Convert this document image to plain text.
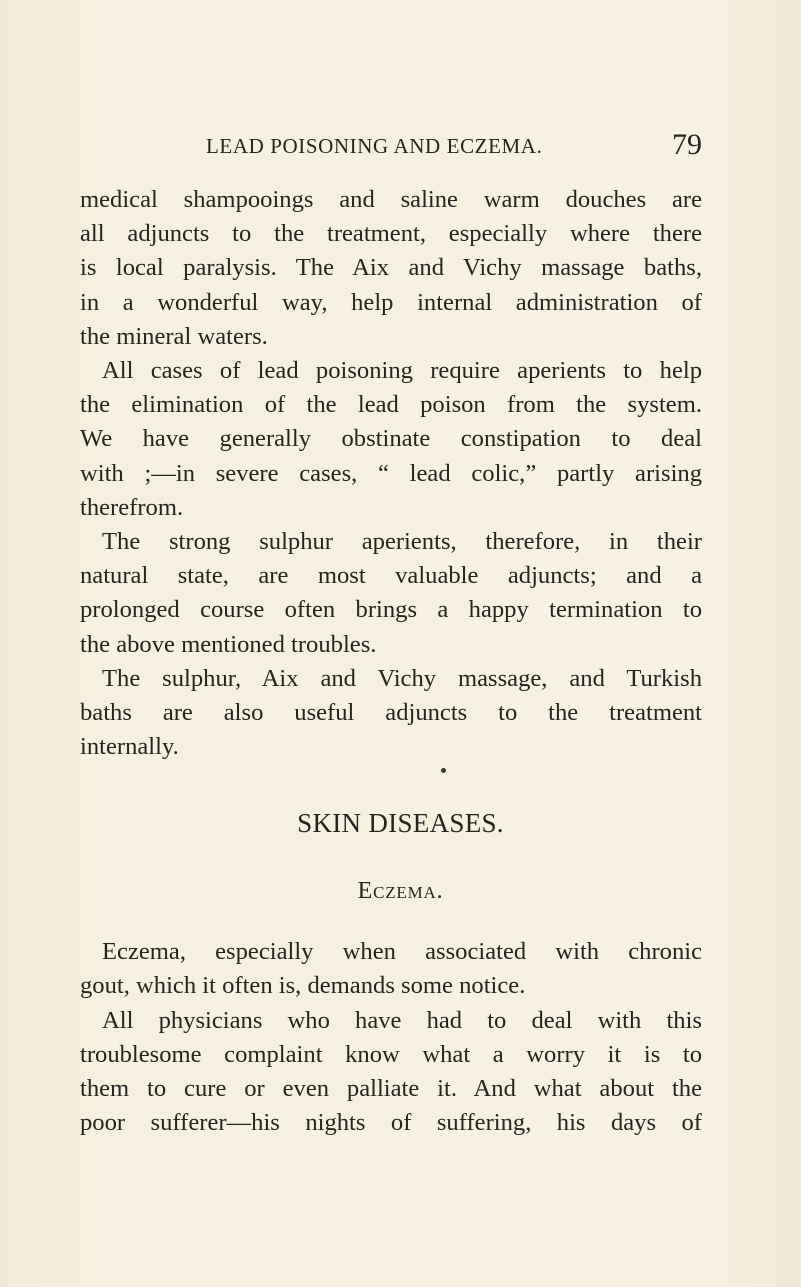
LEAD POISONING AND ECZEMA.	79
medical shampooings and saline warm douches are
all adjuncts to the treatment, especially where there
is local paralysis. The Aix and Vichy massage baths,
in a wonderful way, help internal administration of
the mineral waters.
All cases of lead poisoning require aperients to help
the elimination of the lead poison from the system.
We have generally obstinate constipation to deal
with ;—in severe cases, “ lead colic,” partly arising
therefrom.
The strong sulphur aperients, therefore, in their
natural state, are most valuable adjuncts; and a
prolonged course often brings a happy termination to
the above mentioned troubles.
The sulphur, Aix and Vichy massage, and Turkish
baths are also useful adjuncts to the treatment
internally.
SKIN DISEASES.
Eczema.
Eczema, especially when associated with chronic
gout, which it often is, demands some notice.
All physicians who have had to deal with this
troublesome complaint know what a worry it is to
them to cure or even palliate it. And what about the
poor sufferer—his nights of suffering, his days of
